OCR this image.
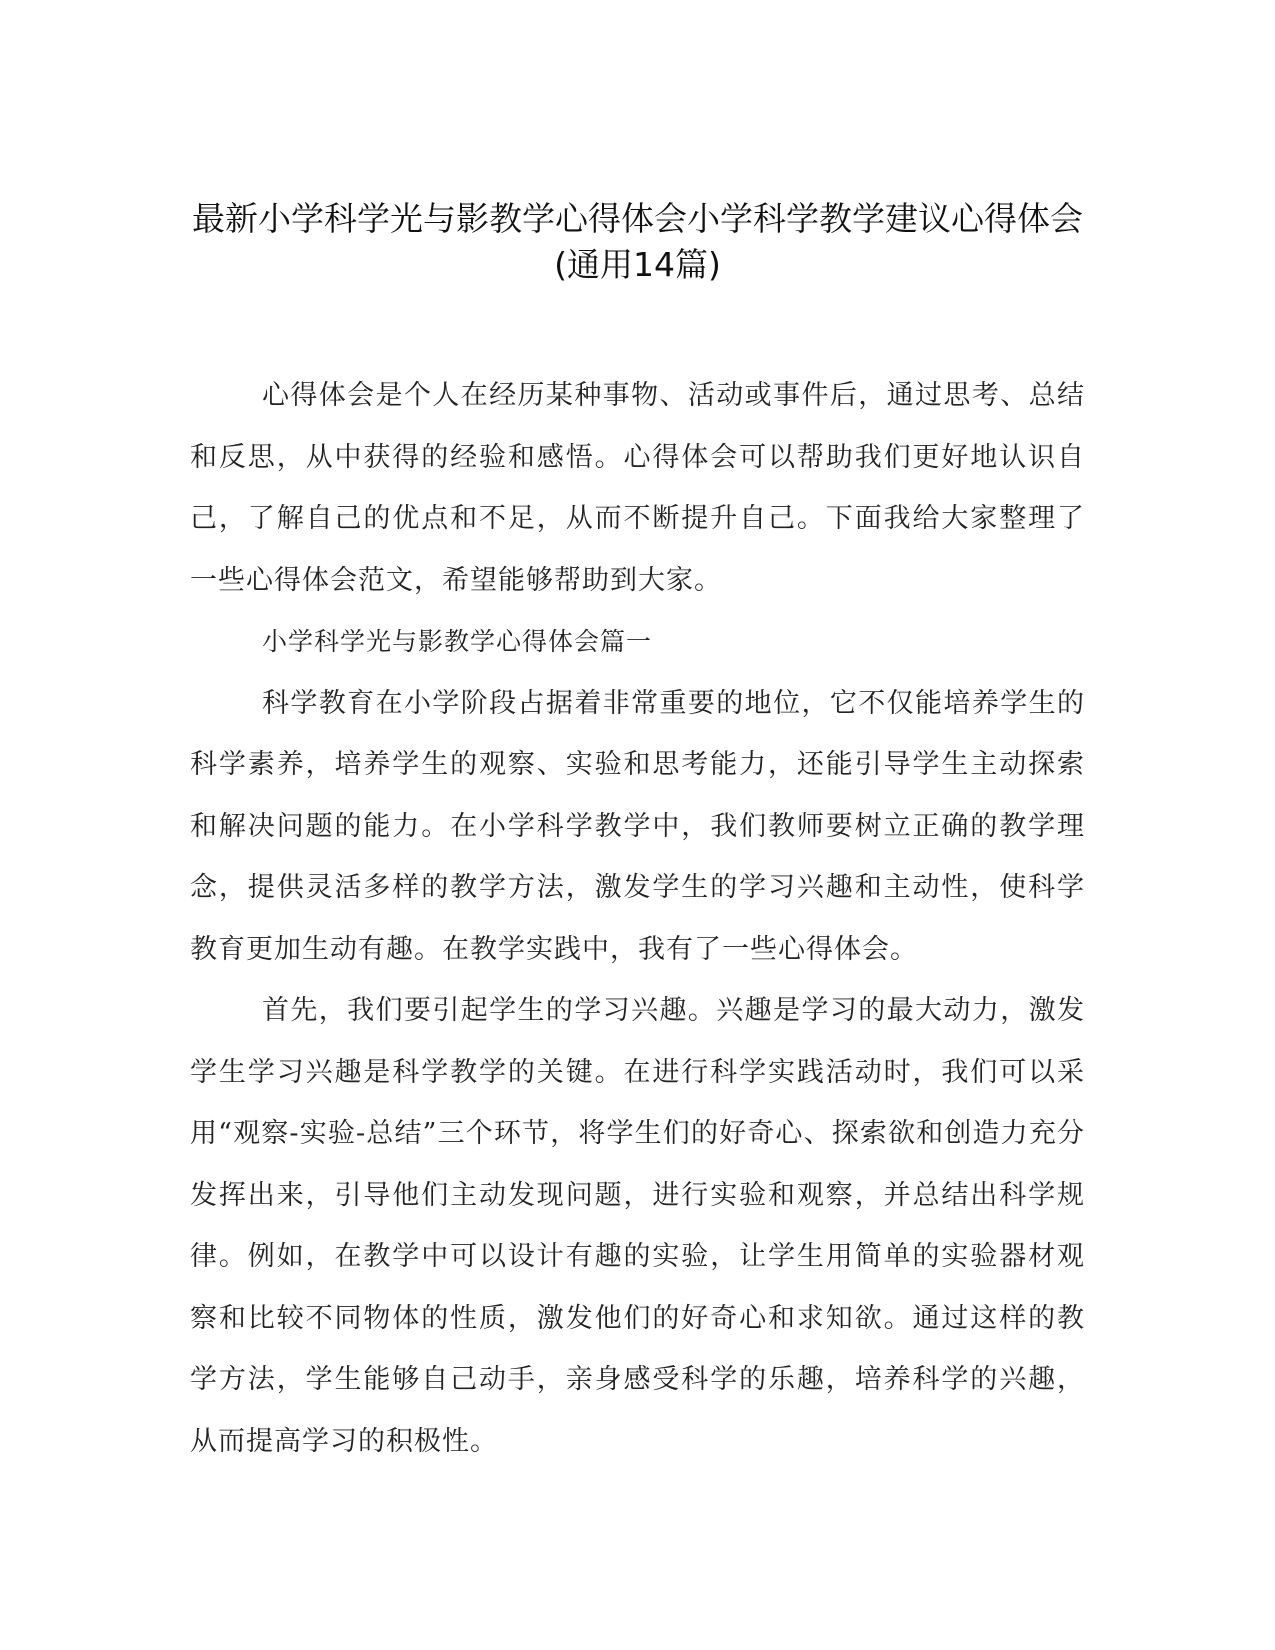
最新小学科学光与影教学心得体会小学科学教学建议心得体会
(通用14篇)

心得体会是个人在经历某种事物、活动或事件后，通过思考、总结和反思，从中获得的经验和感悟。心得体会可以帮助我们更好地认识自己，了解自己的优点和不足，从而不断提升自己。下面我给大家整理了一些心得体会范文，希望能够帮助到大家。

小学科学光与影教学心得体会篇一

科学教育在小学阶段占据着非常重要的地位，它不仅能培养学生的科学素养，培养学生的观察、实验和思考能力，还能引导学生主动探索和解决问题的能力。在小学科学教学中，我们教师要树立正确的教学理念，提供灵活多样的教学方法，激发学生的学习兴趣和主动性，使科学教育更加生动有趣。在教学实践中，我有了一些心得体会。

首先，我们要引起学生的学习兴趣。兴趣是学习的最大动力，激发学生学习兴趣是科学教学的关键。在进行科学实践活动时，我们可以采用“观察-实验-总结”三个环节，将学生们的好奇心、探索欲和创造力充分发挥出来，引导他们主动发现问题，进行实验和观察，并总结出科学规律。例如，在教学中可以设计有趣的实验，让学生用简单的实验器材观察和比较不同物体的性质，激发他们的好奇心和求知欲。通过这样的教学方法，学生能够自己动手，亲身感受科学的乐趣，培养科学的兴趣，从而提高学习的积极性。
